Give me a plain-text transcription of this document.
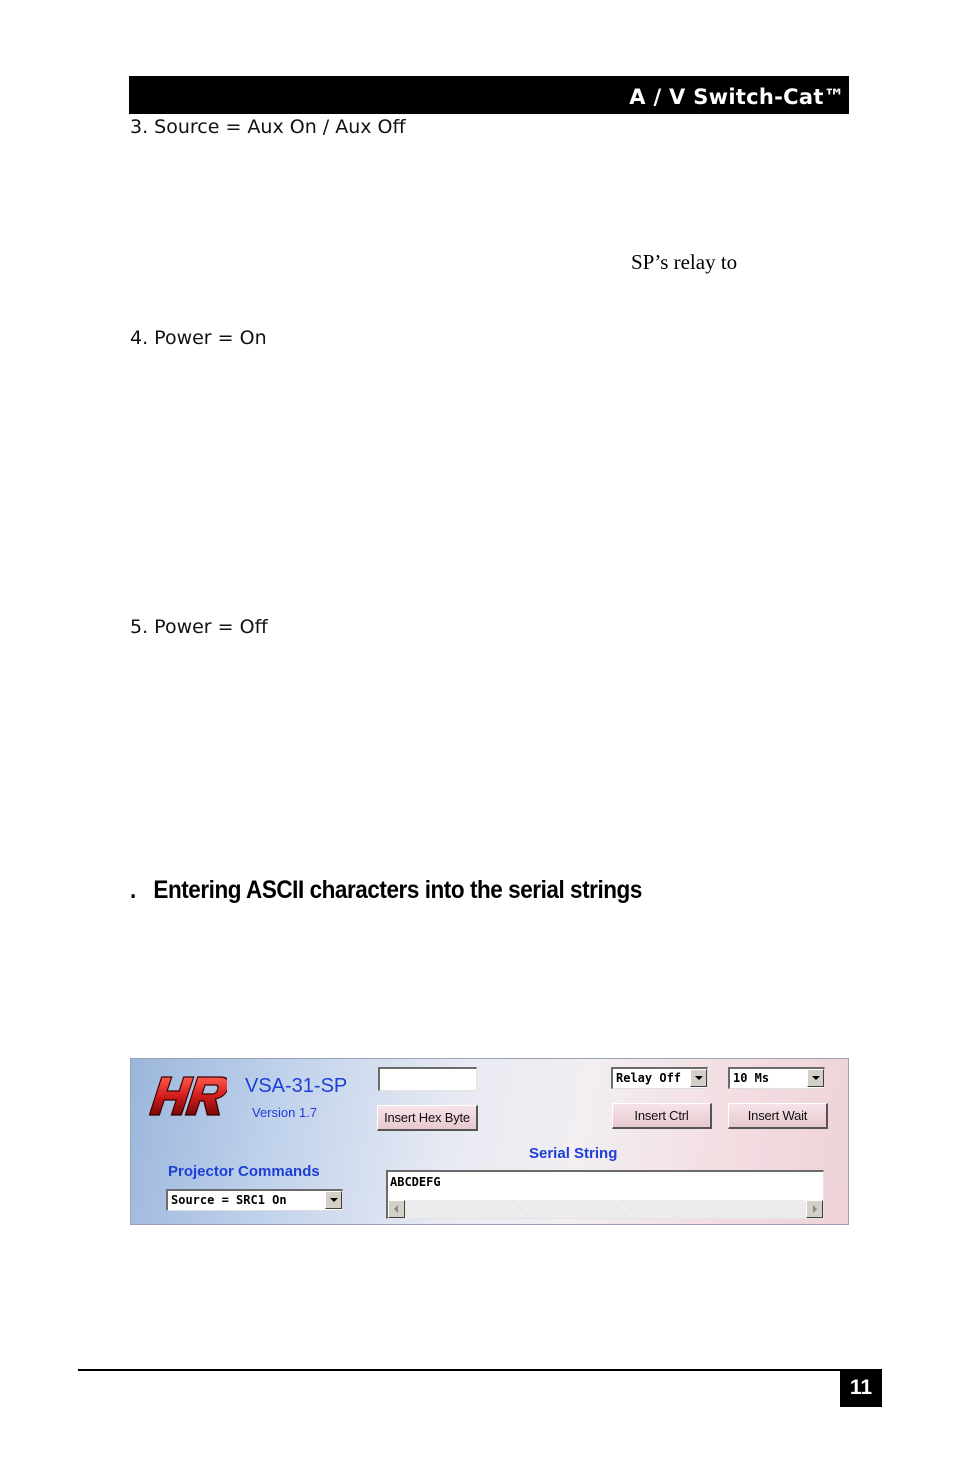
A / V Switch-Cat™
3. Source = Aux On / Aux Off
SP’s relay to
4. Power = On
5. Power = Off
. Entering ASCII characters into the serial strings
VSA-31-SP
Version 1.7	Insert Hex Byte
Relay Off	10 Ms
Insert Ctrl	Insert Wait
Serial String
Projector Commands
Source = SRC1 On
ABCDEFG
11
